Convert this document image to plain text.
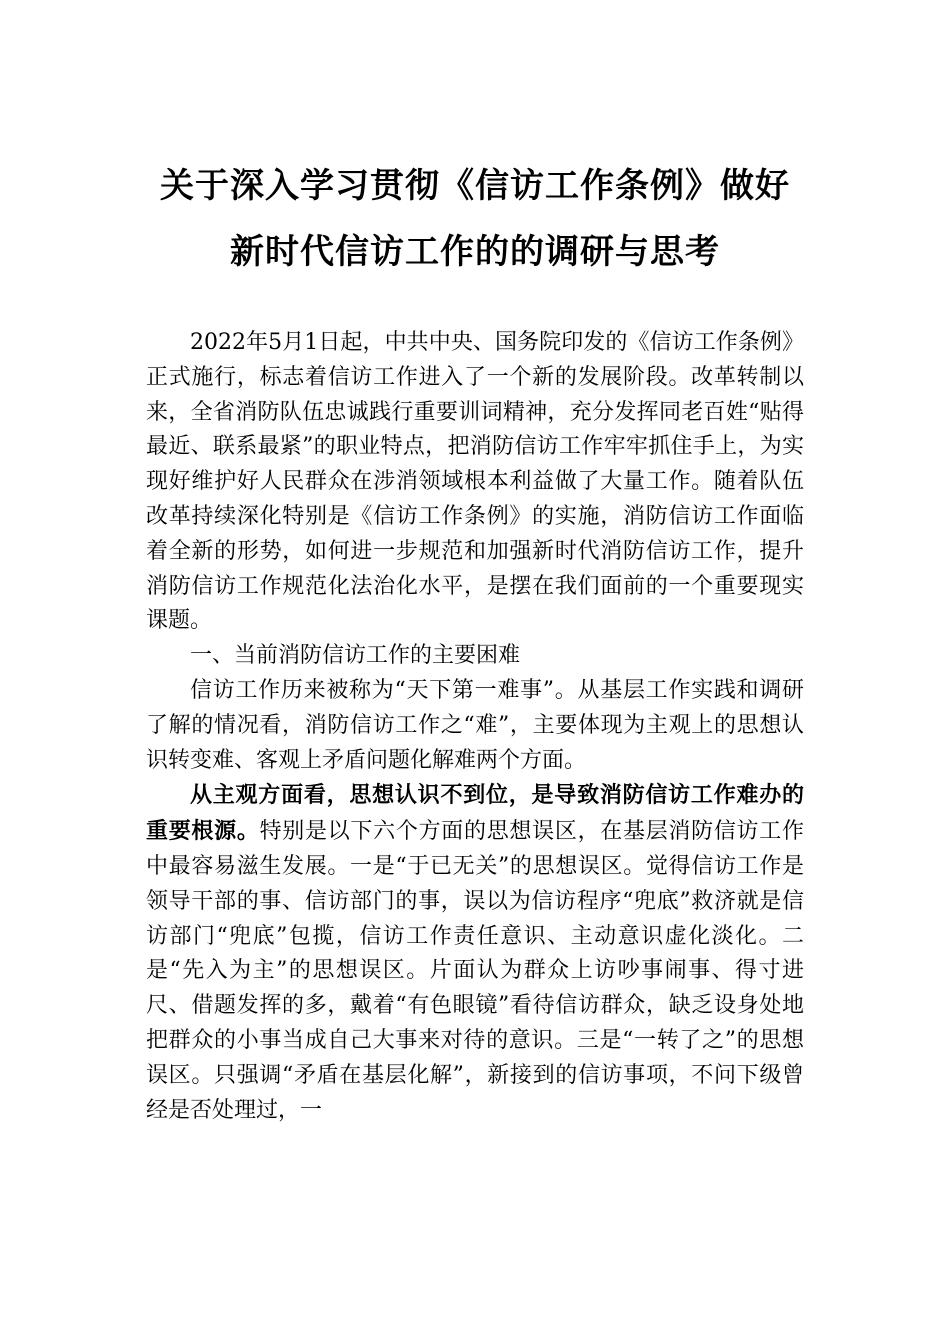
关于深入学习贯彻《信访工作条例》做好
新时代信访工作的的调研与思考

2022年5月1日起，中共中央、国务院印发的《信访工作条例》正式施行，标志着信访工作进入了一个新的发展阶段。改革转制以来，全省消防队伍忠诚践行重要训词精神，充分发挥同老百姓“贴得最近、联系最紧”的职业特点，把消防信访工作牢牢抓住手上，为实现好维护好人民群众在涉消领域根本利益做了大量工作。随着队伍改革持续深化特别是《信访工作条例》的实施，消防信访工作面临着全新的形势，如何进一步规范和加强新时代消防信访工作，提升消防信访工作规范化法治化水平，是摆在我们面前的一个重要现实课题。

一、当前消防信访工作的主要困难

信访工作历来被称为“天下第一难事”。从基层工作实践和调研了解的情况看，消防信访工作之“难”，主要体现为主观上的思想认识转变难、客观上矛盾问题化解难两个方面。

从主观方面看，思想认识不到位，是导致消防信访工作难办的重要根源。特别是以下六个方面的思想误区，在基层消防信访工作中最容易滋生发展。一是“于已无关”的思想误区。觉得信访工作是领导干部的事、信访部门的事，误以为信访程序“兜底”救济就是信访部门“兜底”包揽，信访工作责任意识、主动意识虚化淡化。二是“先入为主”的思想误区。片面认为群众上访吵事闹事、得寸进尺、借题发挥的多，戴着“有色眼镜”看待信访群众，缺乏设身处地把群众的小事当成自己大事来对待的意识。三是“一转了之”的思想误区。只强调“矛盾在基层化解”，新接到的信访事项，不问下级曾经是否处理过，一
